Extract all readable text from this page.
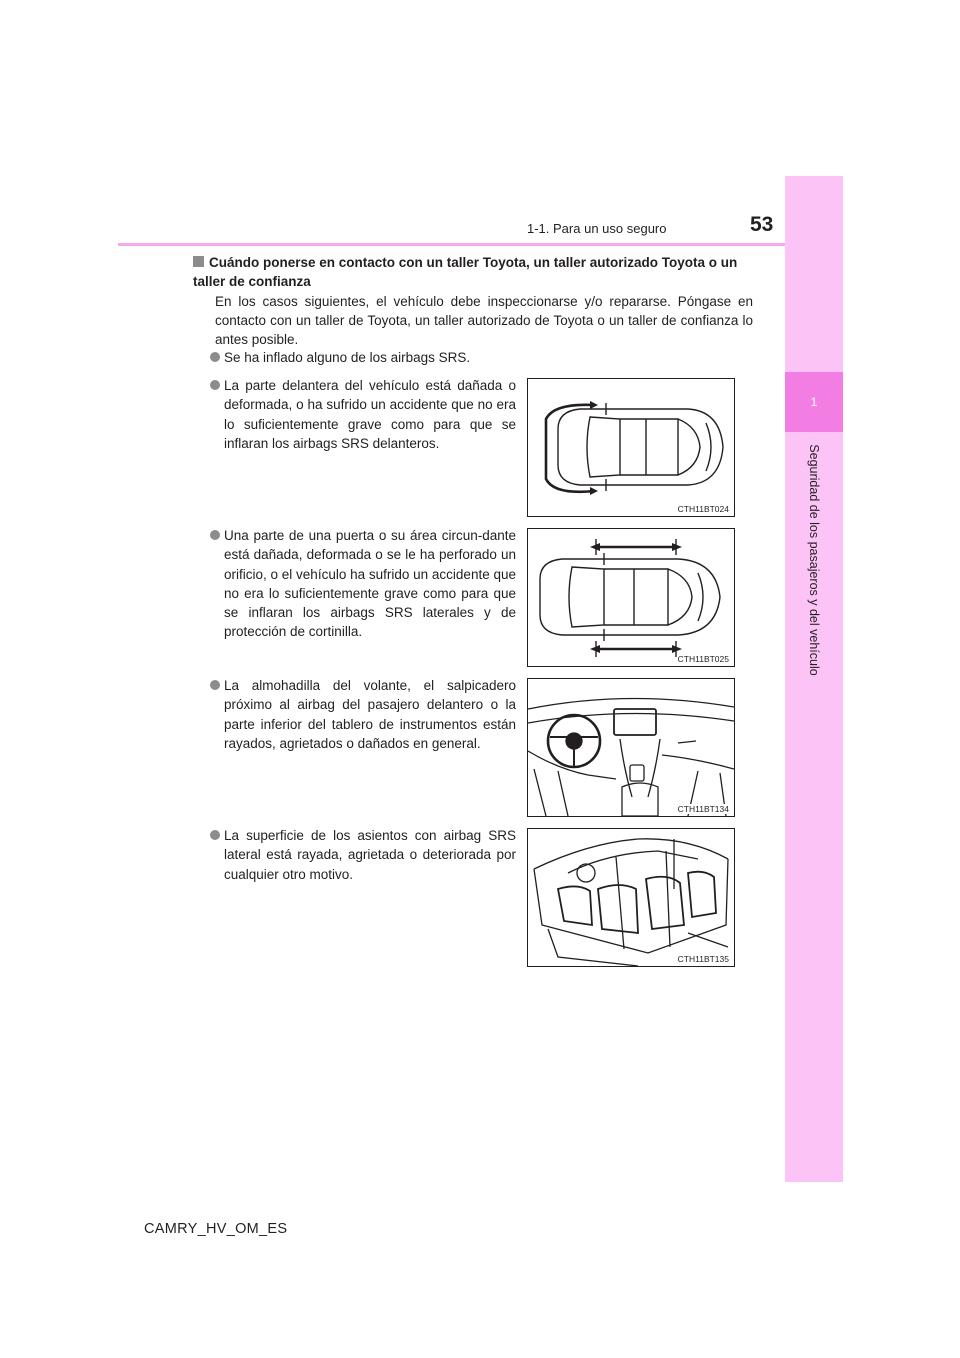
1
Seguridad de los pasajeros y del vehículo
1-1. Para un uso seguro	53
Cuándo ponerse en contacto con un taller Toyota, un taller autorizado Toyota o un taller de confianza
En los casos siguientes, el vehículo debe inspeccionarse y/o repararse. Póngase en contacto con un taller de Toyota, un taller autorizado de Toyota o un taller de confianza lo antes posible.
Se ha inflado alguno de los airbags SRS.
La parte delantera del vehículo está dañada o deformada, o ha sufrido un accidente que no era lo suficientemente grave como para que se inflaran los airbags SRS delanteros.
Una parte de una puerta o su área circun-dante está dañada, deformada o se le ha perforado un orificio, o el vehículo ha sufrido un accidente que no era lo suficientemente grave como para que se inflaran los airbags SRS laterales y de protección de cortinilla.
La almohadilla del volante, el salpicadero próximo al airbag del pasajero delantero o la parte inferior del tablero de instrumentos están rayados, agrietados o dañados en general.
La superficie de los asientos con airbag SRS lateral está rayada, agrietada o deteriorada por cualquier otro motivo.
CTH11BT024
CTH11BT025
CTH11BT134
CTH11BT135
CAMRY_HV_OM_ES
